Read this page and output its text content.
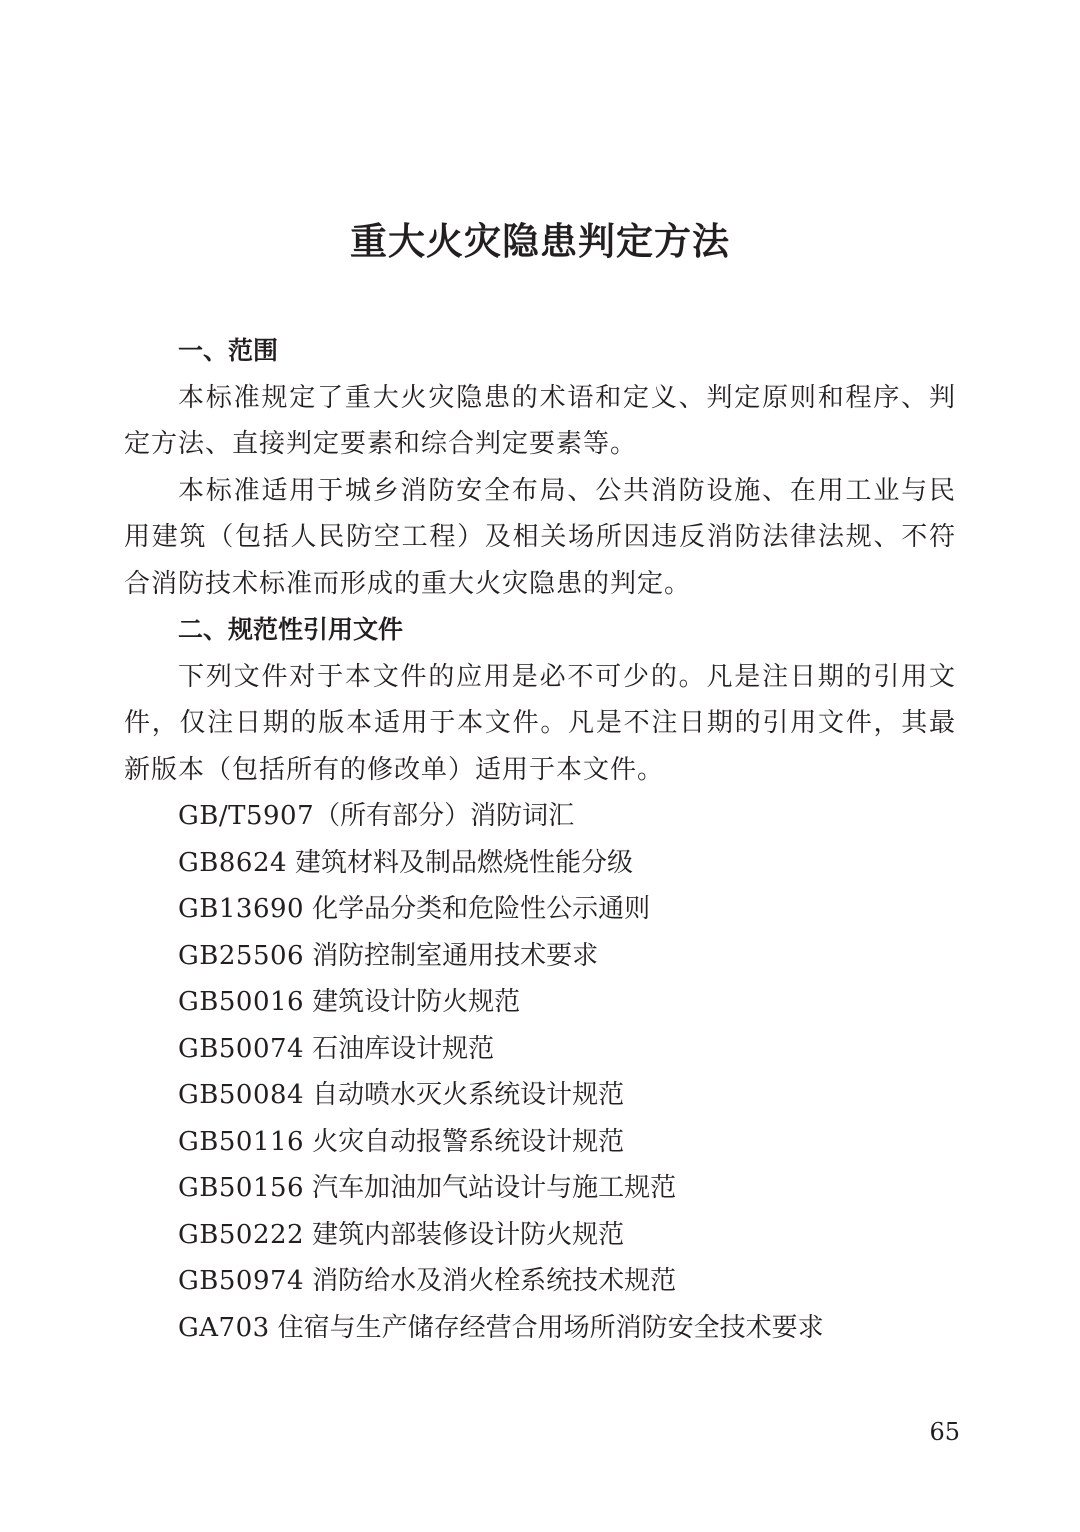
重大火灾隐患判定方法

一、范围

本标准规定了重大火灾隐患的术语和定义、判定原则和程序、判定方法、直接判定要素和综合判定要素等。

本标准适用于城乡消防安全布局、公共消防设施、在用工业与民用建筑（包括人民防空工程）及相关场所因违反消防法律法规、不符合消防技术标准而形成的重大火灾隐患的判定。

二、规范性引用文件

下列文件对于本文件的应用是必不可少的。凡是注日期的引用文件，仅注日期的版本适用于本文件。凡是不注日期的引用文件，其最新版本（包括所有的修改单）适用于本文件。

GB/T5907（所有部分）消防词汇
GB8624 建筑材料及制品燃烧性能分级
GB13690 化学品分类和危险性公示通则
GB25506 消防控制室通用技术要求
GB50016 建筑设计防火规范
GB50074 石油库设计规范
GB50084 自动喷水灭火系统设计规范
GB50116 火灾自动报警系统设计规范
GB50156 汽车加油加气站设计与施工规范
GB50222 建筑内部装修设计防火规范
GB50974 消防给水及消火栓系统技术规范
GA703 住宿与生产储存经营合用场所消防安全技术要求
65
